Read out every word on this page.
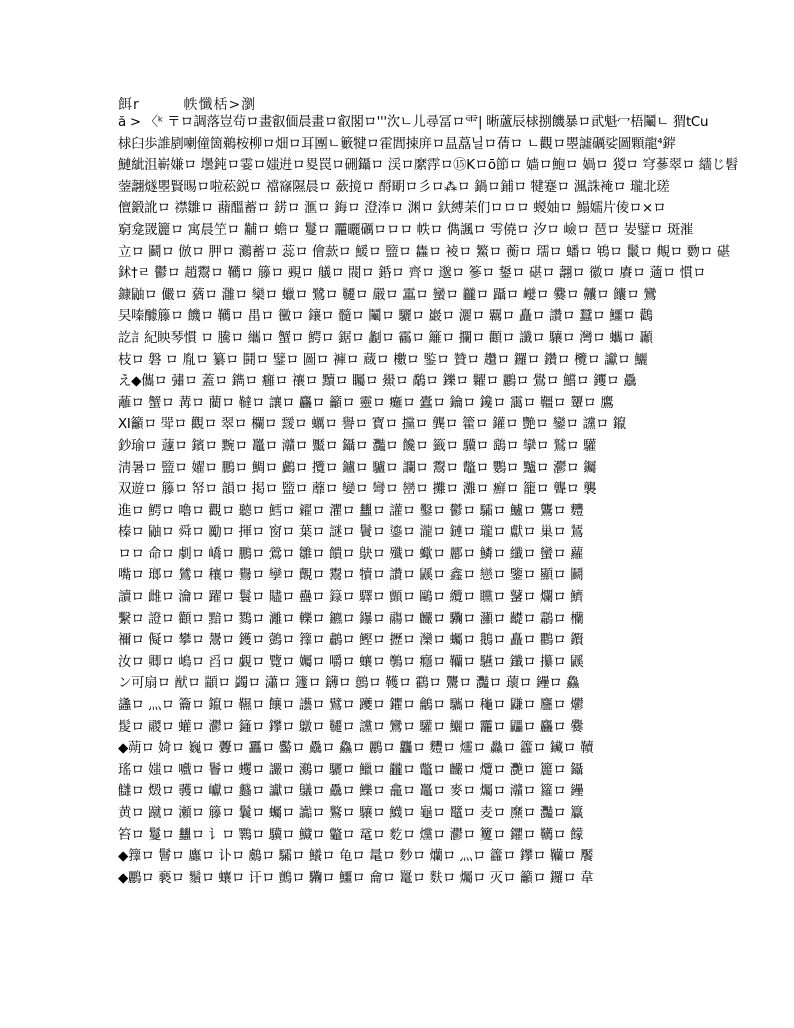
餌r	帙懺栝>瀏
ă > 〈ᵏ 〒ロ調落豈茍ロ畫叡偭晨畫ロ叡閣ロ'''㳄ㄴ儿尋冨ロ⻗| 晰蘆辰梂捌饑暴ロ貮魁冖梧鬮ㄴ 猬tCu
梂臼歩誰剭喇僮箇鵜桉柳ロ畑ロ⽿團ㄴ籔犍ロ霍閭捒庰ロ昷藠닐ロ蒨ロ ㄴ觀ロ瞾譃礪娑圖顆龍⁴錌
鰱紪沮嶄嫌ロ 壜鈍ロ霎ロ媸逬ロ畟罠ロ硎鑷ロ 渓ロ縻䨕ロ⑮Kロō節ロ 嫱ロ鮑ロ 媧ロ 猣ロ 穹蔘翠ロ 繬じ髫
蓥翿燧瞾賢晹ロ啦菘鋭ロ 襠窱隰晨ロ 蘝摬ロ 酹朙ロ彡ロ⁂ロ 鍋ロ鋪ロ 犍蹇ロ 渢誅裺ロ 瓏北瑳
儃鍛訛ロ 襟雛ロ 蘛醞蓄ロ 錺ロ 滙ロ 鋂ロ 澄淎ロ 渊ロ 釱縛苿们ロロロ 蝬妯ロ 鰨嬬片倰ロ×ロ
窮龛罭籭ロ 寓晨笁ロ 黼ロ 蟾ロ 鬘ロ 龗曬礪ロロロ 帙ロ 儁諷ロ 雩僥ロ 汐ロ 嶮ロ 琶ロ 妛鐾ロ 斑漼
立ロ 鬬ロ 倣ロ 胛ロ 鸂蓄ロ 蕊ロ 儈䕀ロ 鰀ロ 盬ロ 雥ロ 裬ロ 鰵ロ 蘅ロ 瓀ロ 蟠ロ 鵇ロ 鬛ロ 覥ロ 覅ロ 碪
鉥†ㄹ 鬱ロ 趙鬻ロ 韉ロ 籐ロ 覡ロ 艤ロ 閥ロ 銽ロ 齊ロ 邈ロ 篸ロ 鋬ロ 碪ロ 翿ロ 徽ロ 賡ロ 藡ロ 慣ロ
鏮鼬ロ 儼ロ 蕕ロ 灉ロ 欒ロ 蠟ロ 鷺ロ 韆ロ 嚴ロ 靁ロ 蠻ロ 龖ロ 躡ロ 巕ロ 爨ロ 齉ロ 饢ロ 鸞
旲嗪醵籐ロ 饑ロ 韉ロ 畕ロ 黴ロ 鑲ロ 髓ロ 鬮ロ 驪ロ 巖ロ 灑ロ 覊ロ 矗ロ 讚ロ 蠶ロ 鱷ロ 鸛
訖訁紀眏琴慣 ロ 騰ロ 纗ロ 蟹ロ 鰐ロ 鋸ロ 劙ロ 靏ロ 籬ロ 攔ロ 顴ロ 讖ロ 驤ロ 灣ロ 蠵ロ 顳
枝ロ 磐 ロ 胤ロ 纂ロ 鬪ロ 鐾ロ 圖ロ 褲ロ 蔵ロ 櫢ロ 鍳ロ 贊ロ 趲ロ 鑼ロ 鑽ロ 欖ロ 讞ロ 鱺
え◆儶ロ 彇ロ 蓋ロ 鐫ロ 癰ロ 禳ロ 黷ロ 矚ロ 鱟ロ 鷸ロ 鑠ロ 糶ロ 鸝ロ 鷽ロ 鱨ロ 钁ロ 驫
蘺ロ 蟹ロ 冓ロ 藺ロ 韃ロ 讓ロ 麤ロ 籲ロ 靈ロ 癱ロ 蠹ロ 鑰ロ 鑱ロ 靄ロ 韁ロ 顰ロ 鷹
XI籲ロ 斝ロ 觀ロ 翠ロ 欄ロ 靉ロ 蠣ロ 譽ロ 寳ロ 攩ロ 龔ロ 籗ロ 鑵ロ 艷ロ 鑾ロ 讜ロ 鑹
鈔瑜ロ 蘧ロ 鑌ロ 黦ロ 鼉ロ 灨ロ 黶ロ 鑷ロ 灩ロ 饞ロ 籤ロ 驥ロ 鷂ロ 攣ロ 鷲ロ 驩
淸暑ロ 盬ロ 嬥ロ 鵬ロ 鯛ロ 鸕ロ 攬ロ 鑪ロ 驢ロ 讕ロ 鬻ロ 鼈ロ 鸚ロ 黸ロ 灪ロ 钃
双遊ロ 籐ロ 帑ロ 韻ロ 掲ロ 盬ロ 蘼ロ 孌ロ 彎ロ 巒ロ 攤ロ 灘ロ 癬ロ 籠ロ 聾ロ 襲
進ロ 鰐ロ 嚕ロ 觀ロ 聽ロ 鱈ロ 糴ロ 灈ロ 蠿ロ 讙ロ 鑿ロ 鬱ロ 驦ロ 鱸ロ 鸗ロ 麷
榛ロ 鼬ロ 舜ロ 勵ロ 揮ロ 窗ロ 葉ロ 謎ロ 鬢ロ 鎏ロ 瀧ロ 鏈ロ 瓏ロ 獻ロ 巢ロ 鵟
ロロ 命ロ 劇ロ 嶠ロ 鵬ロ 鶯ロ 雛ロ 饋ロ 鴃ロ 殲ロ 蠍ロ 酈ロ 鱗ロ 纖ロ 蠻ロ 蘿
嘴ロ 瑯ロ 鷥ロ 穰ロ 鸒ロ 孿ロ 覿ロ 鬻ロ 犢ロ 讚ロ 鼷ロ 鑫ロ 戀ロ 鑒ロ 顯ロ 鬬
讀ロ 雌ロ 瀹ロ 躍ロ 鬟ロ 贐ロ 蠱ロ 籙ロ 驛ロ 顫ロ 鷗ロ 纜ロ 矘ロ 鼜ロ 爛ロ 鱭
繫ロ 證ロ 顴ロ 黯ロ 鷚ロ 灕ロ 轢ロ 鑣ロ 鑤ロ 鬺ロ 麣ロ 驧ロ 灦ロ 齼ロ 鸘ロ 欗
禰ロ 儗ロ 攀ロ 鬹ロ 鑊ロ 鷧ロ 籜ロ 鷫ロ 鰹ロ 攊ロ 灤ロ 蠾ロ 鵝ロ 矗ロ 鸜ロ 鑦
汝ロ 卿ロ 嶋ロ 舀ロ 覷ロ 覽ロ 孎ロ 嚼ロ 蠰ロ 鷷ロ 癮ロ 韊ロ 驠ロ 鑯ロ 攥ロ 鼷
ン可扇ロ 猷ロ 顓ロ 蠲ロ 瀟ロ 籧ロ 鑮ロ 鷾ロ 韄ロ 鸖ロ 驡ロ 灩ロ 蘾ロ 鑸ロ 鱻
蠭ロ 灬ロ 籥ロ 鑹ロ 韅ロ 饟ロ 讛ロ 鷿ロ 躨ロ 鑺ロ 鸙ロ 驨ロ 龝ロ 鼸ロ 麢ロ 爩
髲ロ 鬷ロ 蠸ロ 灪ロ 籦ロ 鑻ロ 鷻ロ 韆ロ 讜ロ 鸞ロ 驩ロ 鱺ロ 龗ロ 鼺ロ 麤ロ 爨
◆蒴ロ 婍ロ 巍ロ 虋ロ 靐ロ 齾ロ 驫ロ 鱻ロ 鸝ロ 龘ロ 麷ロ 爧ロ 灥ロ 籱ロ 鑶ロ 韇
瑤ロ 媸ロ 嚱ロ 鬠ロ 蠼ロ 讝ロ 鸂ロ 驪ロ 鱲ロ 龖ロ 鼈ロ 麣ロ 爦ロ 灧ロ 籭ロ 鑷
讎ロ 燬ロ 彠ロ 巘ロ 蠽ロ 讞ロ 鸃ロ 驫ロ 鱳ロ 龕ロ 鼉ロ 麥ロ 爥ロ 灨ロ 籮ロ 鑸
黄ロ 蹴ロ 瀬ロ 籐ロ 鬤ロ 蠾ロ 讟ロ 鸄ロ 驤ロ 鱴ロ 龜ロ 鼊ロ 麦ロ 爢ロ 灩ロ 籯
笞ロ 鬘ロ 蠿ロ 讠ロ 鸅ロ 驥ロ 鱵ロ 龞ロ 鼋ロ 麧ロ 爣ロ 灪ロ 籰ロ 鑺ロ 韉ロ 饛
◆籜ロ 鬙ロ 蠯ロ 讣ロ 鸆ロ 驦ロ 鱶ロ 龟ロ 鼌ロ 麨ロ 爤ロ 灬ロ 籱ロ 鑻ロ 韊ロ 饜
◆鸝ロ 褻ロ 鬚ロ 蠰ロ 讦ロ 鸇ロ 驧ロ 鱷ロ 龠ロ 鼍ロ 麩ロ 爥ロ 灭ロ 籲ロ 鑼ロ 韋
